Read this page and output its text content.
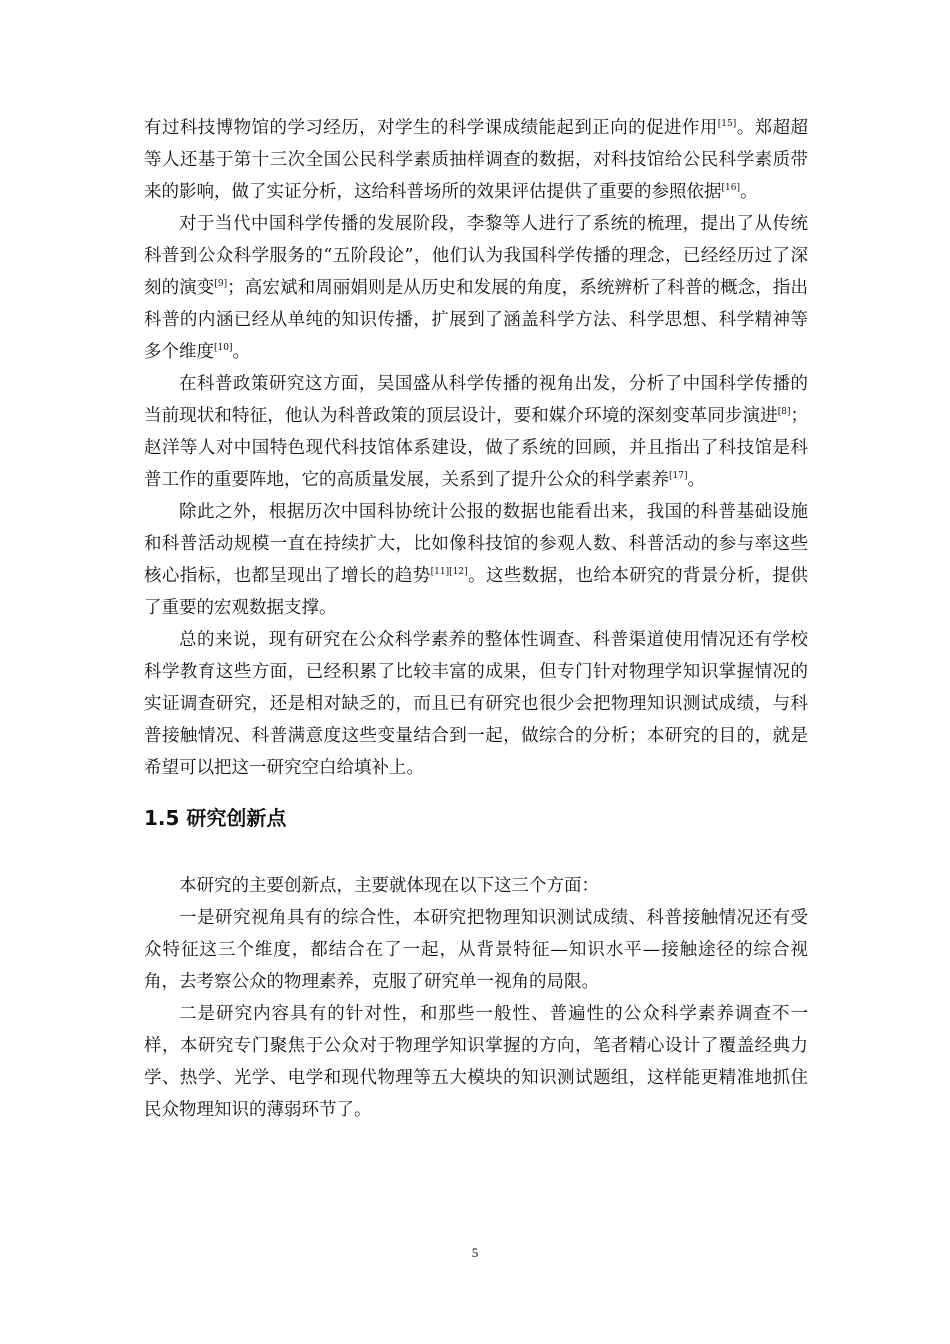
有过科技博物馆的学习经历，对学生的科学课成绩能起到正向的促进作用[15]。郑超超等人还基于第十三次全国公民科学素质抽样调查的数据，对科技馆给公民科学素质带来的影响，做了实证分析，这给科普场所的效果评估提供了重要的参照依据[16]。

对于当代中国科学传播的发展阶段，李黎等人进行了系统的梳理，提出了从传统科普到公众科学服务的“五阶段论”，他们认为我国科学传播的理念，已经经历过了深刻的演变[9]；高宏斌和周丽娟则是从历史和发展的角度，系统辨析了科普的概念，指出科普的内涵已经从单纯的知识传播，扩展到了涵盖科学方法、科学思想、科学精神等多个维度[10]。

在科普政策研究这方面，吴国盛从科学传播的视角出发，分析了中国科学传播的当前现状和特征，他认为科普政策的顶层设计，要和媒介环境的深刻变革同步演进[8]；赵洋等人对中国特色现代科技馆体系建设，做了系统的回顾，并且指出了科技馆是科普工作的重要阵地，它的高质量发展，关系到了提升公众的科学素养[17]。

除此之外，根据历次中国科协统计公报的数据也能看出来，我国的科普基础设施和科普活动规模一直在持续扩大，比如像科技馆的参观人数、科普活动的参与率这些核心指标，也都呈现出了增长的趋势[11][12]。这些数据，也给本研究的背景分析，提供了重要的宏观数据支撑。

总的来说，现有研究在公众科学素养的整体性调查、科普渠道使用情况还有学校科学教育这些方面，已经积累了比较丰富的成果，但专门针对物理学知识掌握情况的实证调查研究，还是相对缺乏的，而且已有研究也很少会把物理知识测试成绩，与科普接触情况、科普满意度这些变量结合到一起，做综合的分析；本研究的目的，就是希望可以把这一研究空白给填补上。

1.5 研究创新点

本研究的主要创新点，主要就体现在以下这三个方面：

一是研究视角具有的综合性，本研究把物理知识测试成绩、科普接触情况还有受众特征这三个维度，都结合在了一起，从背景特征—知识水平—接触途径的综合视角，去考察公众的物理素养，克服了研究单一视角的局限。

二是研究内容具有的针对性，和那些一般性、普遍性的公众科学素养调查不一样，本研究专门聚焦于公众对于物理学知识掌握的方向，笔者精心设计了覆盖经典力学、热学、光学、电学和现代物理等五大模块的知识测试题组，这样能更精准地抓住民众物理知识的薄弱环节了。

5
